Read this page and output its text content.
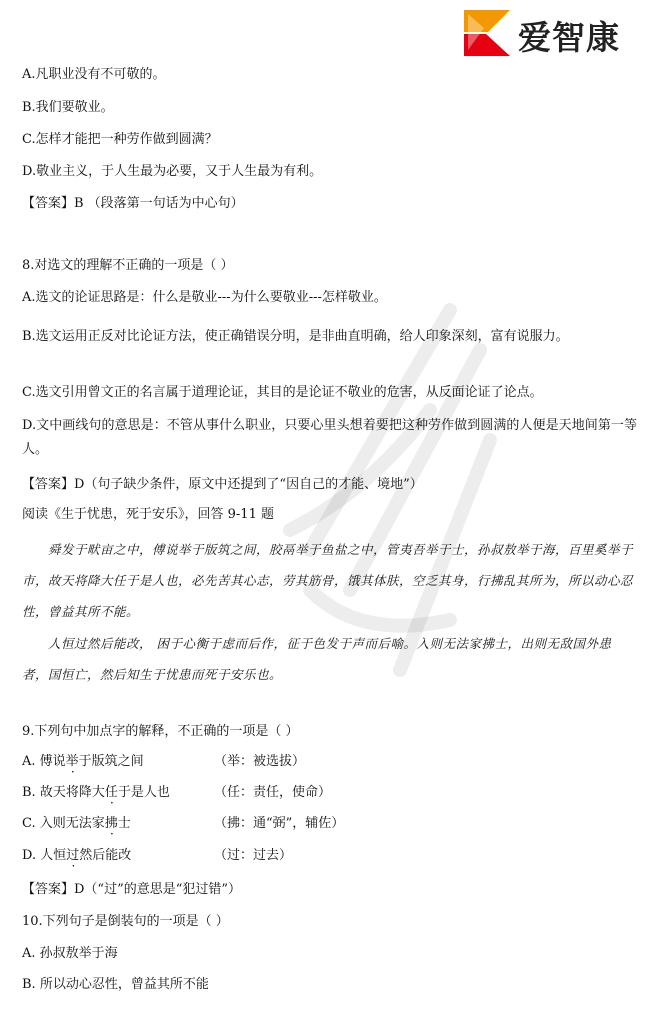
爱智康
A.凡职业没有不可敬的。
B.我们要敬业。
C.怎样才能把一种劳作做到圆满？
D.敬业主义，于人生最为必要，又于人生最为有利。
【答案】B （段落第一句话为中心句）
8.对选文的理解不正确的一项是（ ）
A.选文的论证思路是：什么是敬业---为什么要敬业---怎样敬业。
B.选文运用正反对比论证方法，使正确错误分明，是非曲直明确，给人印象深刻，富有说服力。
C.选文引用曾文正的名言属于道理论证，其目的是论证不敬业的危害，从反面论证了论点。
D.文中画线句的意思是：不管从事什么职业，只要心里头想着要把这种劳作做到圆满的人便是天地间第一等人。
【答案】D（句子缺少条件，原文中还提到了“因自己的才能、境地”）
阅读《生于忧患，死于安乐》，回答 9-11 题
舜发于畎亩之中，傅说举于版筑之间，胶鬲举于鱼盐之中，管夷吾举于士，孙叔敖举于海，百里奚举于市，故天将降大任于是人也，必先苦其心志，劳其筋骨，饿其体肤，空乏其身，行拂乱其所为，所以动心忍性，曾益其所不能。
人恒过然后能改， 困于心衡于虑而后作，征于色发于声而后喻。入则无法家拂士，出则无敌国外患者，国恒亡，然后知生于忧患而死于安乐也。
9.下列句中加点字的解释，不正确的一项是（ ）
A. 傅说举于版筑之间	（举：被选拔）
B. 故天将降大任于是人也	（任：责任，使命）
C. 入则无法家拂士	（拂：通“弼”，辅佐）
D. 人恒过然后能改	（过：过去）
【答案】D（“过”的意思是“犯过错”）
10.下列句子是倒装句的一项是（ ）
A. 孙叔敖举于海
B. 所以动心忍性，曾益其所不能
